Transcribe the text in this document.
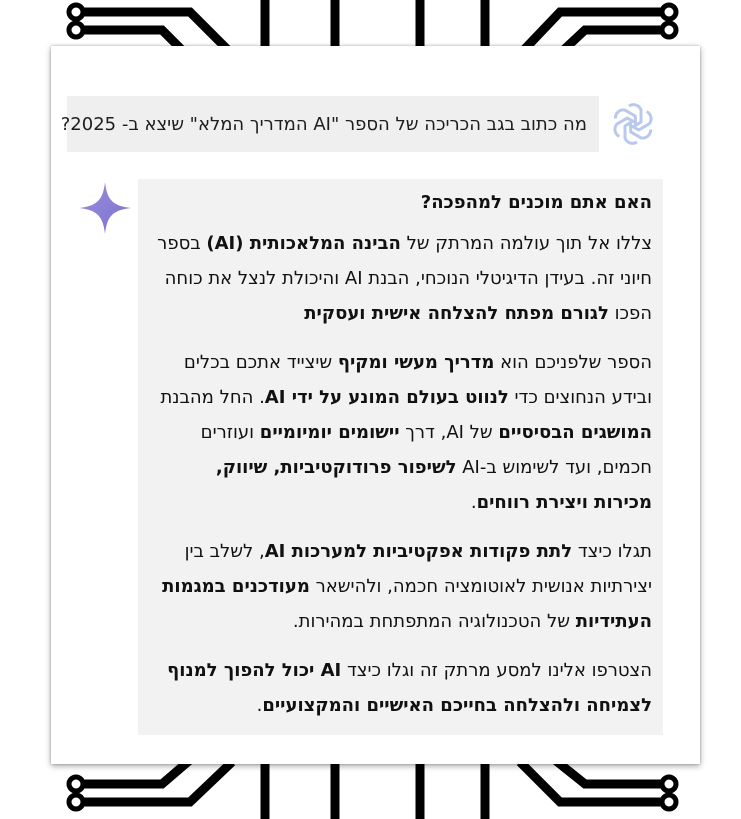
מה כתוב בגב הכריכה של הספר "AI המדריך המלא" שיצא ב- 2025?

האם אתם מוכנים למהפכה?

צללו אל תוך עולמה המרתק של הבינה המלאכותית (AI) בספר חיוני זה. בעידן הדיגיטלי הנוכחי, הבנת AI והיכולת לנצל את כוחה הפכו לגורם מפתח להצלחה אישית ועסקית

הספר שלפניכם הוא מדריך מעשי ומקיף שיצייד אתכם בכלים ובידע הנחוצים כדי לנווט בעולם המונע על ידי AI. החל מהבנת המושגים הבסיסיים של AI, דרך יישומים יומיומיים ועוזרים חכמים, ועד לשימוש ב-AI לשיפור פרודוקטיביות, שיווק, מכירות ויצירת רווחים.

תגלו כיצד לתת פקודות אפקטיביות למערכות AI, לשלב בין יצירתיות אנושית לאוטומציה חכמה, ולהישאר מעודכנים במגמות העתידיות של הטכנולוגיה המתפתחת במהירות.

הצטרפו אלינו למסע מרתק זה וגלו כיצד AI יכול להפוך למנוף לצמיחה ולהצלחה בחייכם האישיים והמקצועיים.
